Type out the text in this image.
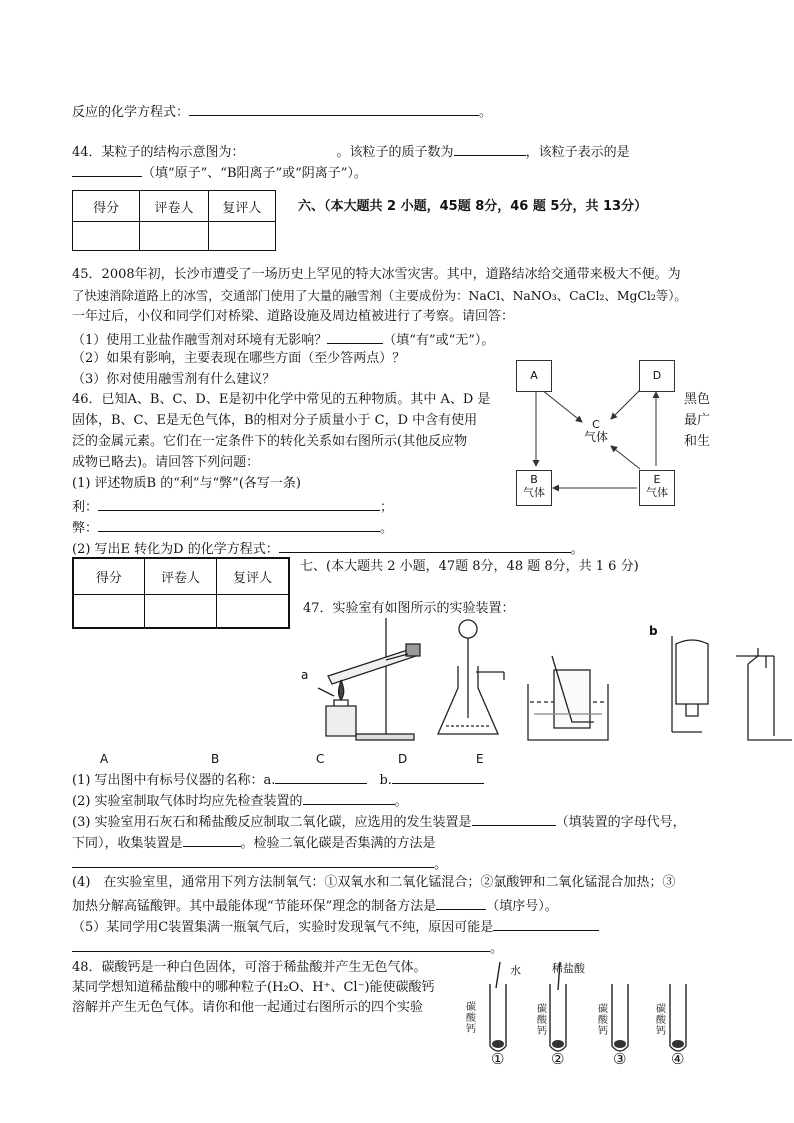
反应的化学方程式：	。
44．某粒子的结构示意图为：	。该粒子的质子数为	，该粒子表示的是
（填“原子”、“B阳离子”或“阴离子”）。
得分	评卷人	复评人
			六、（本大题共 2 小题，45题 8分，46 题 5分，共 13分）
45．2008年初，长沙市遭受了一场历史上罕见的特大冰雪灾害。其中，道路结冰给交通带来极大不便。为
了快速消除道路上的冰雪，交通部门使用了大量的融雪剂（主要成份为：NaCl、NaNO₃、CaCl₂、MgCl₂等）。
一年过后，小仪和同学们对桥梁、道路设施及周边植被进行了考察。请回答：
（1）使用工业盐作融雪剂对环境有无影响？	（填“有”或“无”）。
（2）如果有影响，主要表现在哪些方面（至少答两点）？
（3）你对使用融雪剂有什么建议？
46．已知A、B、C、D、E是初中化学中常见的五种物质。其中 A、D 是
固体，B、C、E是无色气体，B的相对分子质量小于 C，D 中含有使用
泛的金属元素。它们在一定条件下的转化关系如右图所示(其他反应物
成物已略去)。请回答下列问题：
黑色
最广
和生
(1) 评述物质B 的“利”与“弊”(各写一条)
利：	；
弊：	。
(2) 写出E 转化为D 的化学方程式：	。
A	D
C
气体
B
气体
E
气体
得分	评卷人	复评人

七、(本大题共 2 小题，47题 8分，48 题 8分，共 1 6 分)
47．实验室有如图所示的实验装置：
a
b
A	B	C	D	E
(1) 写出图中有标号仪器的名称：a.	b.
(2) 实验室制取气体时均应先检查装置的	。
(3) 实验室用石灰石和稀盐酸反应制取二氧化碳，应选用的发生装置是	（填装置的字母代号，
下同），收集装置是	。检验二氧化碳是否集满的方法是
。
(4)　在实验室里，通常用下列方法制氧气：①双氧水和二氧化锰混合；②氯酸钾和二氧化锰混合加热；③
加热分解高锰酸钾。其中最能体现“节能环保”理念的制备方法是	（填序号）。
（5）某同学用C装置集满一瓶氧气后，实验时发现氧气不纯，原因可能是
。
48．碳酸钙是一种白色固体，可溶于稀盐酸并产生无色气体。
某同学想知道稀盐酸中的哪种粒子(H₂O、H⁺、Cl⁻)能使碳酸钙
溶解并产生无色气体。请你和他一起通过右图所示的四个实验
水	稀盐酸
碳酸钙
碳酸钙
碳酸钙
碳酸钙
①	②	③	④
